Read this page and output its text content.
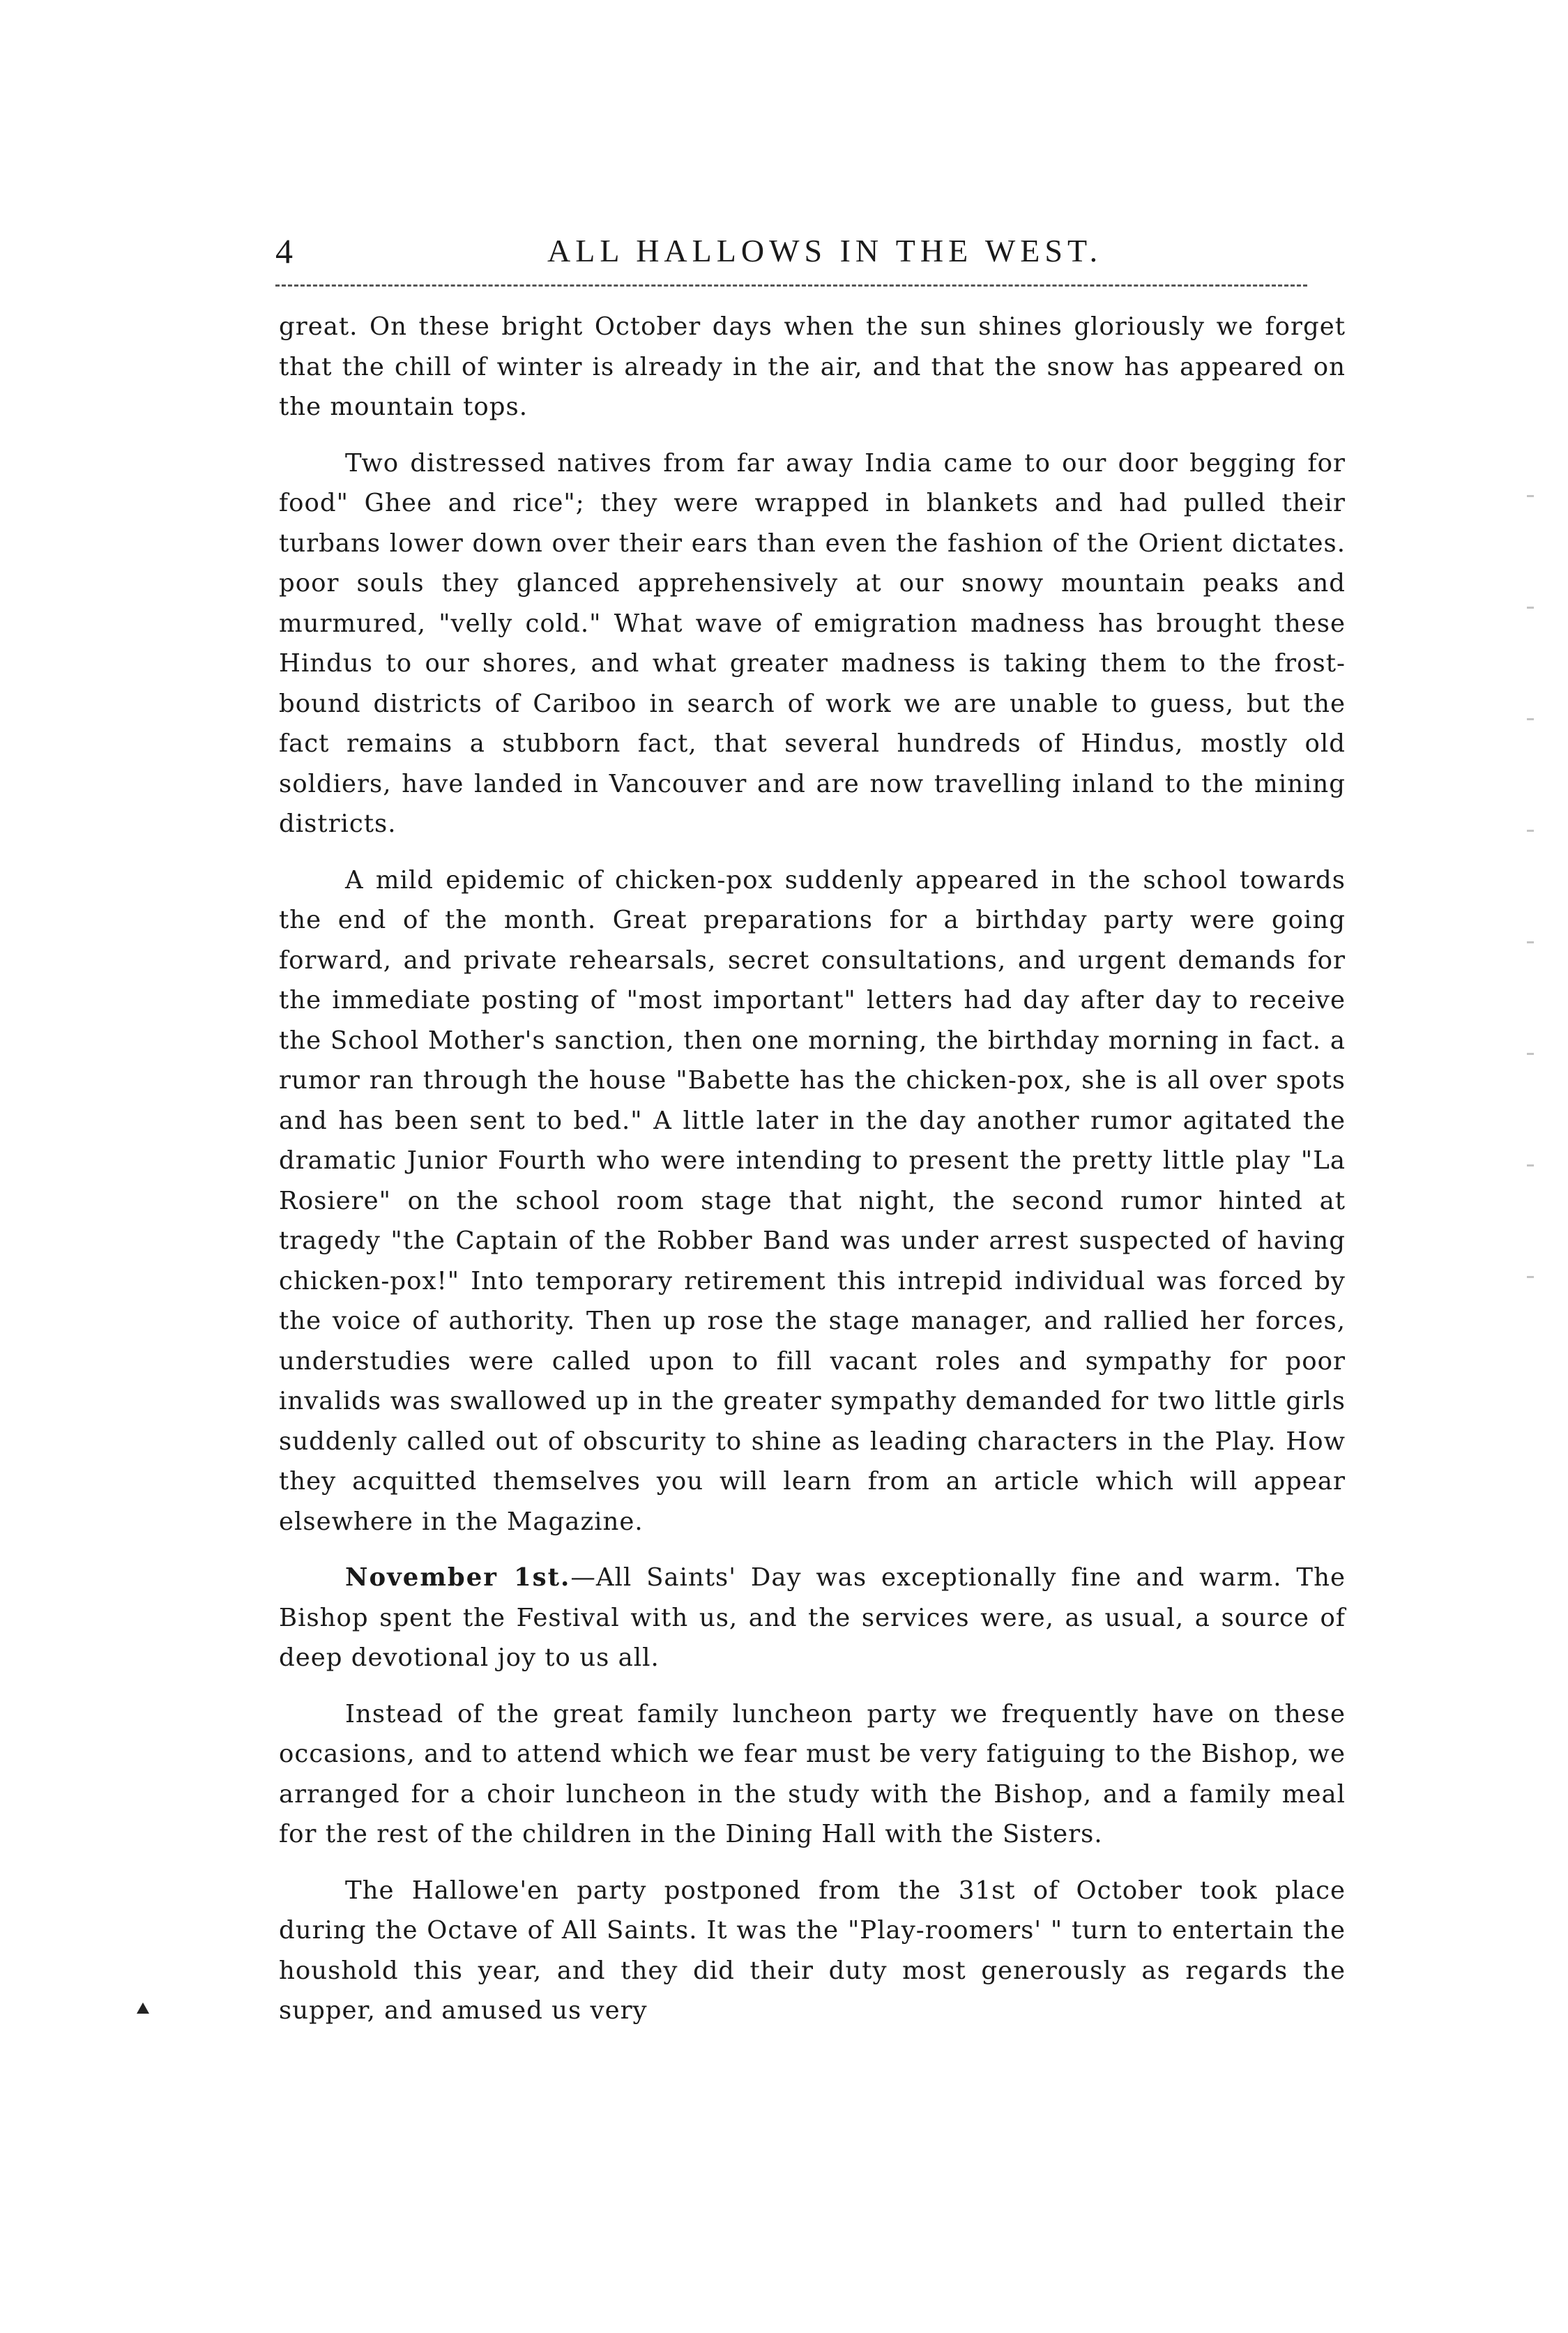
4	ALL HALLOWS IN THE WEST.

great. On these bright October days when the sun shines gloriously we forget that the chill of winter is already in the air, and that the snow has appeared on the mountain tops.

Two distressed natives from far away India came to our door begging for food" Ghee and rice"; they were wrapped in blankets and had pulled their turbans lower down over their ears than even the fashion of the Orient dictates. poor souls they glanced apprehensively at our snowy mountain peaks and murmured, "velly cold." What wave of emigration madness has brought these Hindus to our shores, and what greater madness is taking them to the frost-bound districts of Cariboo in search of work we are unable to guess, but the fact remains a stubborn fact, that several hundreds of Hindus, mostly old soldiers, have landed in Vancouver and are now travelling inland to the mining districts.

A mild epidemic of chicken-pox suddenly appeared in the school towards the end of the month. Great preparations for a birthday party were going forward, and private rehearsals, secret consultations, and urgent demands for the immediate posting of "most important" letters had day after day to receive the School Mother's sanction, then one morning, the birthday morning in fact. a rumor ran through the house "Babette has the chicken-pox, she is all over spots and has been sent to bed." A little later in the day another rumor agitated the dramatic Junior Fourth who were intending to present the pretty little play "La Rosiere" on the school room stage that night, the second rumor hinted at tragedy "the Captain of the Robber Band was under arrest suspected of having chicken-pox!" Into temporary retirement this intrepid individual was forced by the voice of authority. Then up rose the stage manager, and rallied her forces, understudies were called upon to fill vacant roles and sympathy for poor invalids was swallowed up in the greater sympathy demanded for two little girls suddenly called out of obscurity to shine as leading characters in the Play. How they acquitted themselves you will learn from an article which will appear elsewhere in the Magazine.

November 1st.—All Saints' Day was exceptionally fine and warm. The Bishop spent the Festival with us, and the services were, as usual, a source of deep devotional joy to us all.

Instead of the great family luncheon party we frequently have on these occasions, and to attend which we fear must be very fatiguing to the Bishop, we arranged for a choir luncheon in the study with the Bishop, and a family meal for the rest of the children in the Dining Hall with the Sisters.

The Hallowe'en party postponed from the 31st of October took place during the Octave of All Saints. It was the "Play-roomers' " turn to entertain the houshold this year, and they did their duty most generously as regards the supper, and amused us very
